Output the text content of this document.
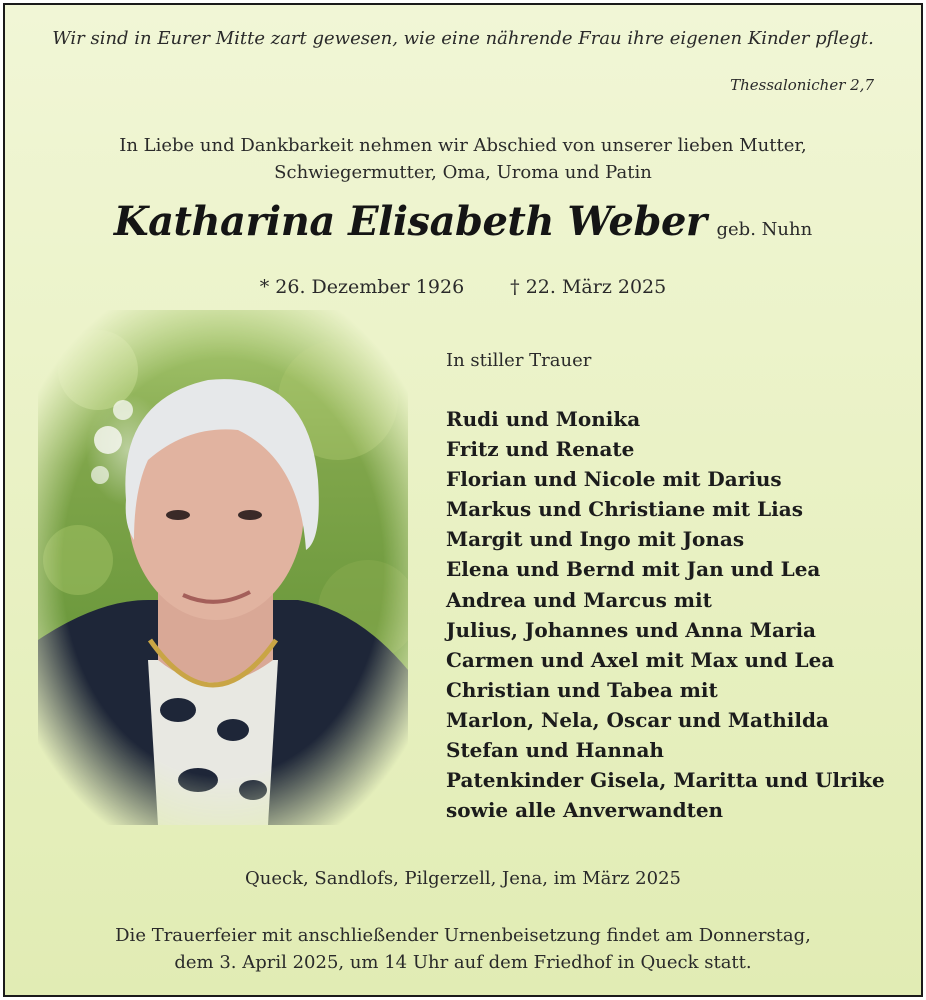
Wir sind in Eurer Mitte zart gewesen, wie eine nährende Frau ihre eigenen Kinder pflegt.
Thessalonicher 2,7
In Liebe und Dankbarkeit nehmen wir Abschied von unserer lieben Mutter,
Schwiegermutter, Oma, Uroma und Patin
Katharina Elisabeth Weber geb. Nuhn
* 26. Dezember 1926 † 22. März 2025
In stiller Trauer
Rudi und Monika
Fritz und Renate
Florian und Nicole mit Darius
Markus und Christiane mit Lias
Margit und Ingo mit Jonas
Elena und Bernd mit Jan und Lea
Andrea und Marcus mit
Julius, Johannes und Anna Maria
Carmen und Axel mit Max und Lea
Christian und Tabea mit
Marlon, Nela, Oscar und Mathilda
Stefan und Hannah
Patenkinder Gisela, Maritta und Ulrike
sowie alle Anverwandten
Queck, Sandlofs, Pilgerzell, Jena, im März 2025
Die Trauerfeier mit anschließender Urnenbeisetzung findet am Donnerstag,
dem 3. April 2025, um 14 Uhr auf dem Friedhof in Queck statt.
